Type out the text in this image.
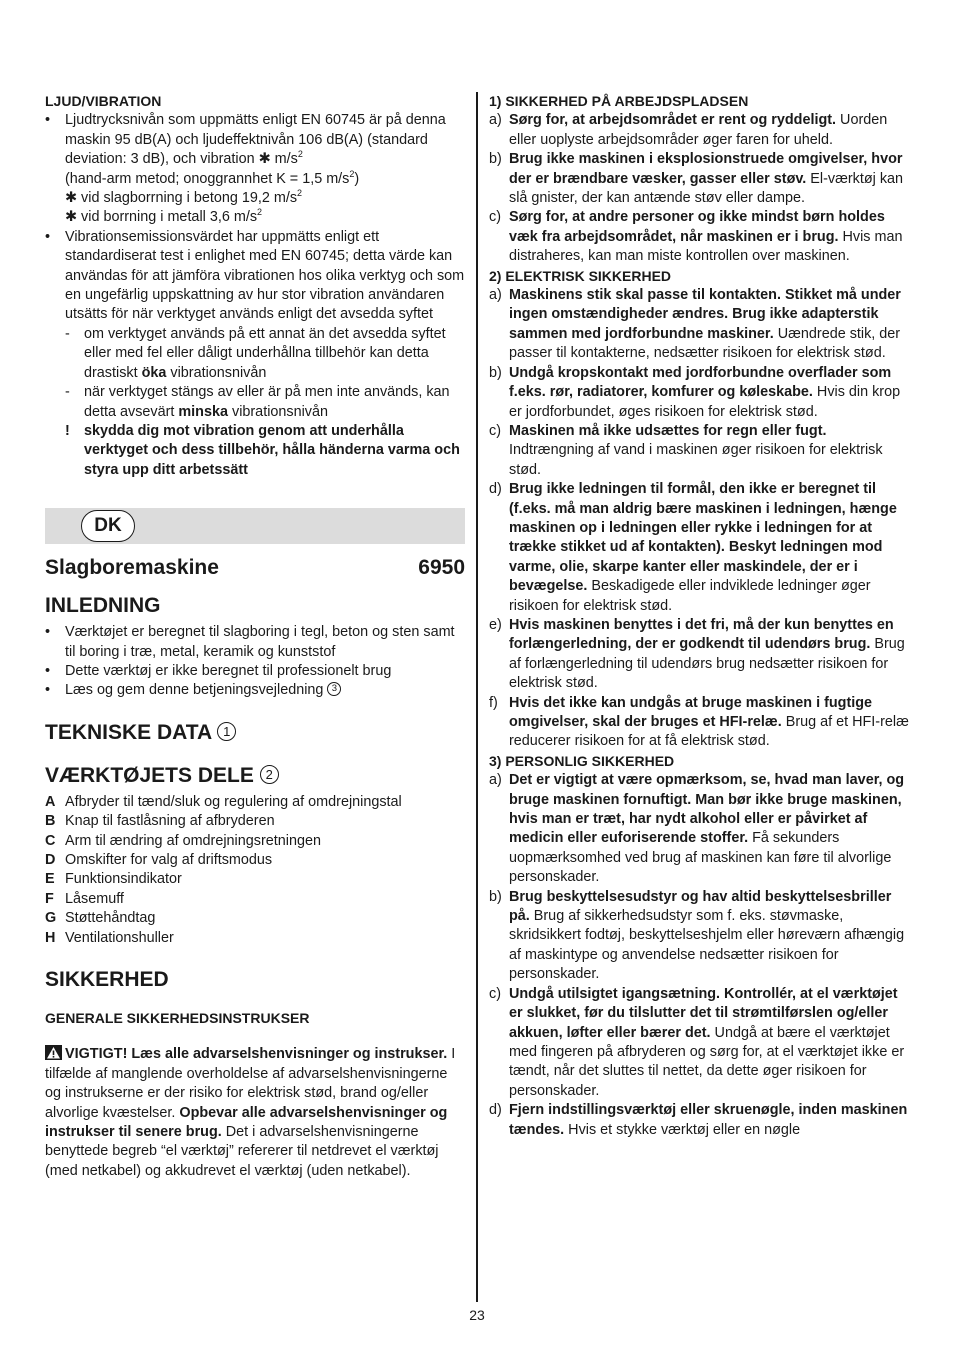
LJUD/VIBRATION
• Ljudtrycksnivån som uppmätts enligt EN 60745 är på denna maskin 95 dB(A) och ljudeffektnivån 106 dB(A) (standard deviation: 3 dB), och vibration ✱ $m/s^2$
(hand-arm metod; onoggrannhet K = 1,5 $m/s^2$)
✱ vid slagborrning i betong 19,2 $m/s^2$
✱ vid borrning i metall 3,6 $m/s^2$
• Vibrationsemissionsvärdet har uppmätts enligt ett standardiserat test i enlighet med EN 60745; detta värde kan användas för att jämföra vibrationen hos olika verktyg och som en ungefärlig uppskattning av hur stor vibration användaren utsätts för när verktyget används enligt det avsedda syftet
- om verktyget används på ett annat än det avsedda syftet eller med fel eller dåligt underhållna tillbehör kan detta drastiskt öka vibrationsnivån
- när verktyget stängs av eller är på men inte används, kan detta avsevärt minska vibrationsnivån
! skydda dig mot vibration genom att underhålla verktyget och dess tillbehör, hålla händerna varma och styra upp ditt arbetssätt
DK
Slagboremaskine	6950
INLEDNING
• Værktøjet er beregnet til slagboring i tegl, beton og sten samt til boring i træ, metal, keramik og kunststof
• Dette værktøj er ikke beregnet til professionelt brug
• Læs og gem denne betjeningsvejledning 3
TEKNISKE DATA 1
VÆRKTØJETS DELE 2
A Afbryder til tænd/sluk og regulering af omdrejningstal
B Knap til fastlåsning af afbryderen
C Arm til ændring af omdrejningsretningen
D Omskifter for valg af driftsmodus
E Funktionsindikator
F Låsemuff
G Støttehåndtag
H Ventilationshuller
SIKKERHED
GENERALE SIKKERHEDSINSTRUKSER
VIGTIGT! Læs alle advarselshenvisninger og instrukser. I tilfælde af manglende overholdelse af advarselshenvisningerne og instrukserne er der risiko for elektrisk stød, brand og/eller alvorlige kvæstelser. Opbevar alle advarselshenvisninger og instrukser til senere brug. Det i advarselshenvisningerne benyttede begreb “el værktøj” refererer til netdrevet el værktøj (med netkabel) og akkudrevet el værktøj (uden netkabel).
1) SIKKERHED PÅ ARBEJDSPLADSEN
a) Sørg for, at arbejdsområdet er rent og ryddeligt. Uorden eller uoplyste arbejdsområder øger faren for uheld.
b) Brug ikke maskinen i eksplosionstruede omgivelser, hvor der er brændbare væsker, gasser eller støv. El-værktøj kan slå gnister, der kan antænde støv eller dampe.
c) Sørg for, at andre personer og ikke mindst børn holdes væk fra arbejdsområdet, når maskinen er i brug. Hvis man distraheres, kan man miste kontrollen over maskinen.
2) ELEKTRISK SIKKERHED
a) Maskinens stik skal passe til kontakten. Stikket må under ingen omstændigheder ændres. Brug ikke adapterstik sammen med jordforbundne maskiner. Uændrede stik, der passer til kontakterne, nedsætter risikoen for elektrisk stød.
b) Undgå kropskontakt med jordforbundne overflader som f.eks. rør, radiatorer, komfurer og køleskabe. Hvis din krop er jordforbundet, øges risikoen for elektrisk stød.
c) Maskinen må ikke udsættes for regn eller fugt. Indtrængning af vand i maskinen øger risikoen for elektrisk stød.
d) Brug ikke ledningen til formål, den ikke er beregnet til (f.eks. må man aldrig bære maskinen i ledningen, hænge maskinen op i ledningen eller rykke i ledningen for at trække stikket ud af kontakten). Beskyt ledningen mod varme, olie, skarpe kanter eller maskindele, der er i bevægelse. Beskadigede eller indviklede ledninger øger risikoen for elektrisk stød.
e) Hvis maskinen benyttes i det fri, må der kun benyttes en forlængerledning, der er godkendt til udendørs brug. Brug af forlængerledning til udendørs brug nedsætter risikoen for elektrisk stød.
f) Hvis det ikke kan undgås at bruge maskinen i fugtige omgivelser, skal der bruges et HFI-relæ. Brug af et HFI-relæ reducerer risikoen for at få elektrisk stød.
3) PERSONLIG SIKKERHED
a) Det er vigtigt at være opmærksom, se, hvad man laver, og bruge maskinen fornuftigt. Man bør ikke bruge maskinen, hvis man er træt, har nydt alkohol eller er påvirket af medicin eller euforiserende stoffer. Få sekunders uopmærksomhed ved brug af maskinen kan føre til alvorlige personskader.
b) Brug beskyttelsesudstyr og hav altid beskyttelsesbriller på. Brug af sikkerhedsudstyr som f. eks. støvmaske, skridsikkert fodtøj, beskyttelseshjelm eller høreværn afhængig af maskintype og anvendelse nedsætter risikoen for personskader.
c) Undgå utilsigtet igangsætning. Kontrollér, at el værktøjet er slukket, før du tilslutter det til strømtilførslen og/eller akkuen, løfter eller bærer det. Undgå at bære el værktøjet med fingeren på afbryderen og sørg for, at el værktøjet ikke er tændt, når det sluttes til nettet, da dette øger risikoen for personskader.
d) Fjern indstillingsværktøj eller skruenøgle, inden maskinen tændes. Hvis et stykke værktøj eller en nøgle
23
